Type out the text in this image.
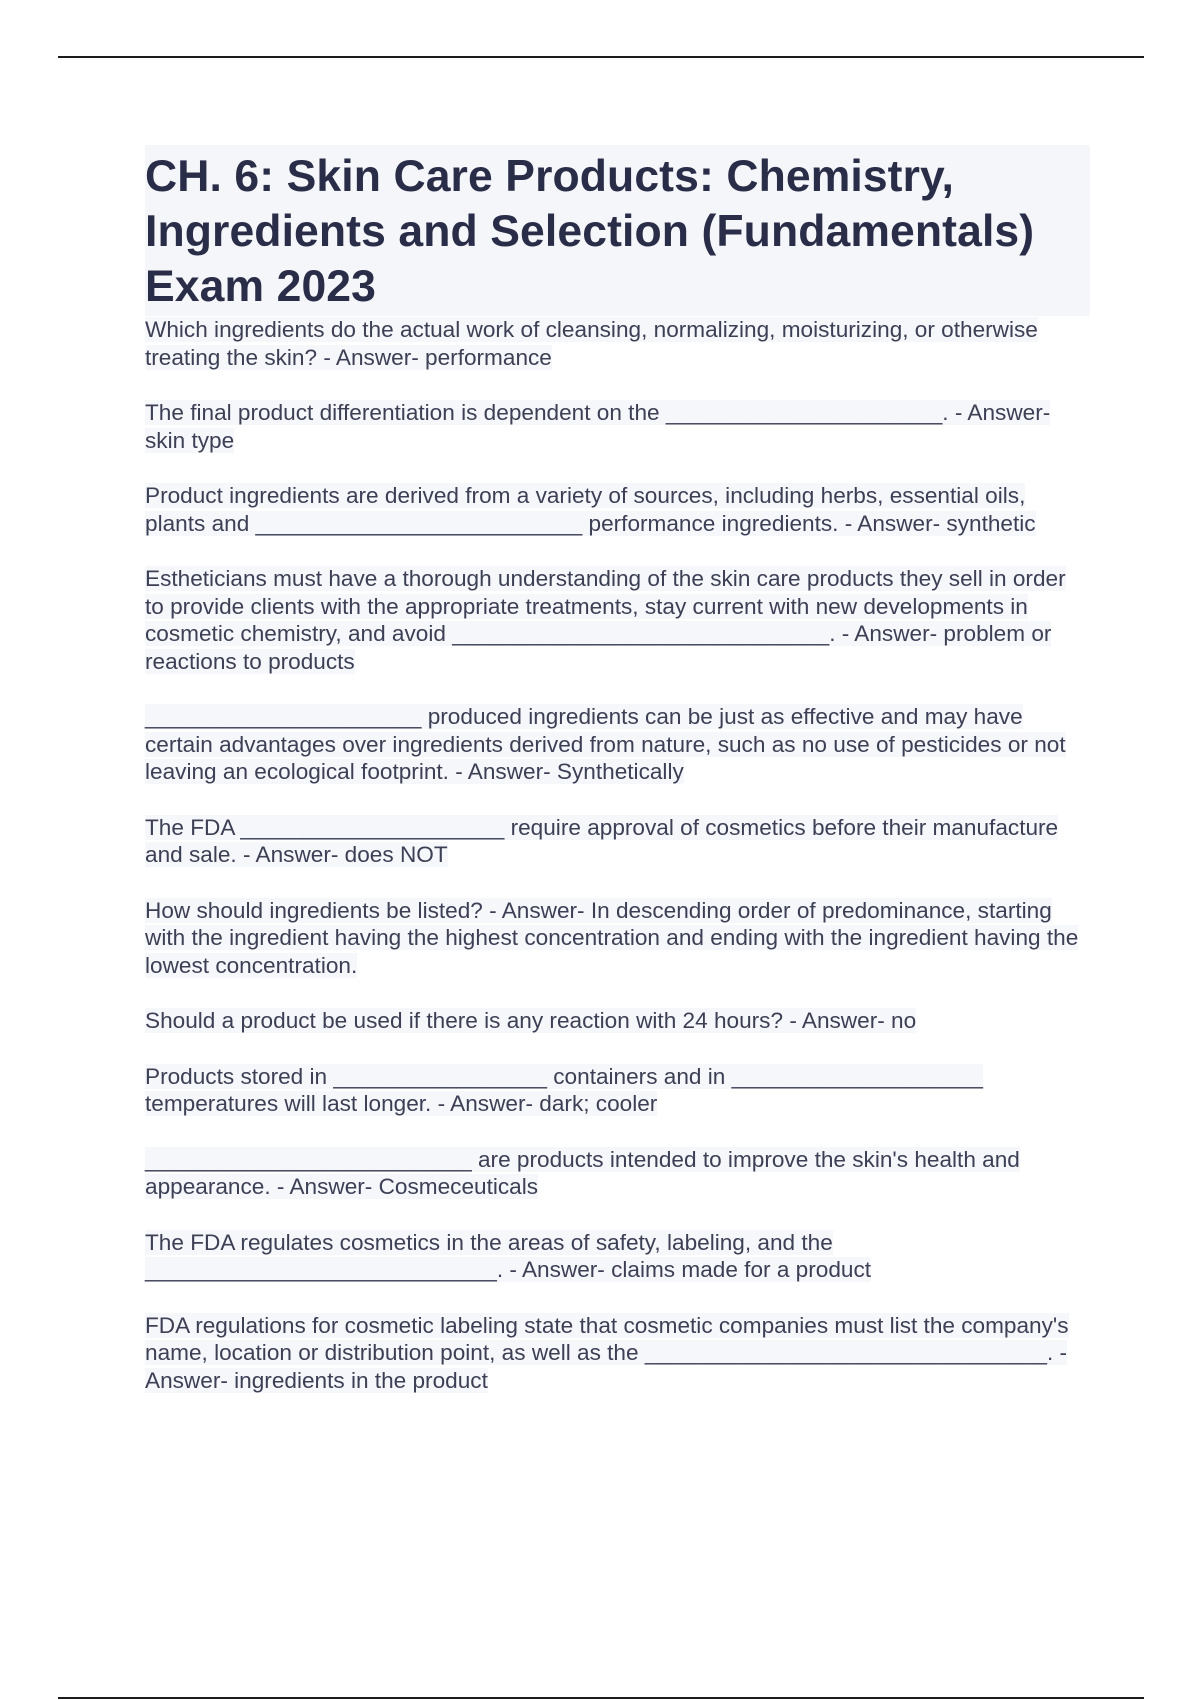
CH. 6: Skin Care Products: Chemistry, Ingredients and Selection (Fundamentals) Exam 2023

Which ingredients do the actual work of cleansing, normalizing, moisturizing, or otherwise treating the skin? - Answer- performance

The final product differentiation is dependent on the ______________________. - Answer- skin type

Product ingredients are derived from a variety of sources, including herbs, essential oils, plants and __________________________ performance ingredients. - Answer- synthetic

Estheticians must have a thorough understanding of the skin care products they sell in order to provide clients with the appropriate treatments, stay current with new developments in cosmetic chemistry, and avoid ______________________________. - Answer- problem or reactions to products

______________________ produced ingredients can be just as effective and may have certain advantages over ingredients derived from nature, such as no use of pesticides or not leaving an ecological footprint. - Answer- Synthetically

The FDA _____________________ require approval of cosmetics before their manufacture and sale. - Answer- does NOT

How should ingredients be listed? - Answer- In descending order of predominance, starting with the ingredient having the highest concentration and ending with the ingredient having the lowest concentration.

Should a product be used if there is any reaction with 24 hours? - Answer- no

Products stored in _________________ containers and in ____________________ temperatures will last longer. - Answer- dark; cooler

__________________________ are products intended to improve the skin's health and appearance. - Answer- Cosmeceuticals

The FDA regulates cosmetics in the areas of safety, labeling, and the ____________________________. - Answer- claims made for a product

FDA regulations for cosmetic labeling state that cosmetic companies must list the company's name, location or distribution point, as well as the ________________________________. - Answer- ingredients in the product
